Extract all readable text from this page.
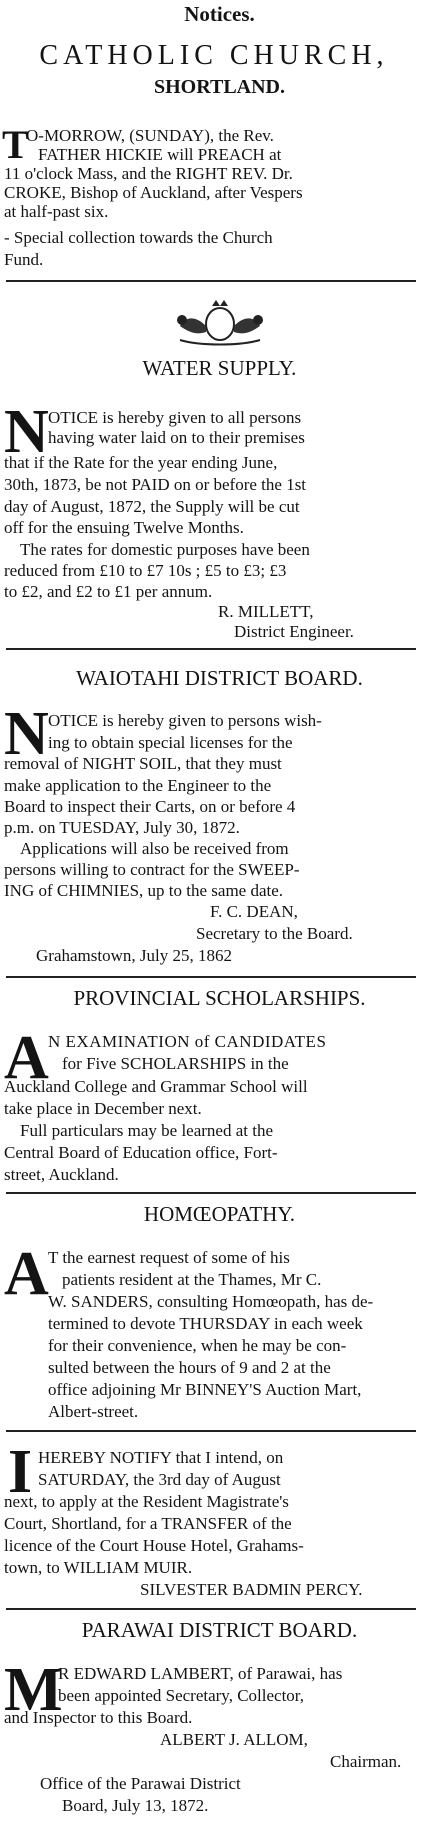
Notices.
CATHOLIC CHURCH,
SHORTLAND.
T
O-MORROW, (SUNDAY), the Rev.
FATHER HICKIE will PREACH at
11 o'clock Mass, and the RIGHT REV. Dr.
CROKE, Bishop of Auckland, after Vespers
at half-past six.
- Special collection towards the Church
Fund.
WATER SUPPLY.
N OTICE is hereby given to all persons
having water laid on to their premises
that if the Rate for the year ending June,
30th, 1873, be not PAID on or before the 1st
day of August, 1872, the Supply will be cut
off for the ensuing Twelve Months.
The rates for domestic purposes have been
reduced from £10 to £7 10s ; £5 to £3; £3
to £2, and £2 to £1 per annum.
R. MILLETT,
District Engineer.
WAIOTAHI DISTRICT BOARD.
N OTICE is hereby given to persons wish-
ing to obtain special licenses for the
removal of NIGHT SOIL, that they must
make application to the Engineer to the
Board to inspect their Carts, on or before 4
p.m. on TUESDAY, July 30, 1872.
Applications will also be received from
persons willing to contract for the SWEEP-
ING of CHIMNIES, up to the same date.
F. C. DEAN,
Secretary to the Board.
Grahamstown, July 25, 1862
PROVINCIAL SCHOLARSHIPS.
A N EXAMINATION of CANDIDATES
for Five SCHOLARSHIPS in the
Auckland College and Grammar School will
take place in December next.
Full particulars may be learned at the
Central Board of Education office, Fort-
street, Auckland.
HOMŒOPATHY.
A T the earnest request of some of his
patients resident at the Thames, Mr C.
W. SANDERS, consulting Homœopath, has de-
termined to devote THURSDAY in each week
for their convenience, when he may be con-
sulted between the hours of 9 and 2 at the
office adjoining Mr BINNEY'S Auction Mart,
Albert-street.
I HEREBY NOTIFY that I intend, on
SATURDAY, the 3rd day of August
next, to apply at the Resident Magistrate's
Court, Shortland, for a TRANSFER of the
licence of the Court House Hotel, Grahams-
town, to WILLIAM MUIR.
SILVESTER BADMIN PERCY.
PARAWAI DISTRICT BOARD.
M
R EDWARD LAMBERT, of Parawai, has
been appointed Secretary, Collector,
and Inspector to this Board.
ALBERT J. ALLOM,
Chairman.
Office of the Parawai District
Board, July 13, 1872.
